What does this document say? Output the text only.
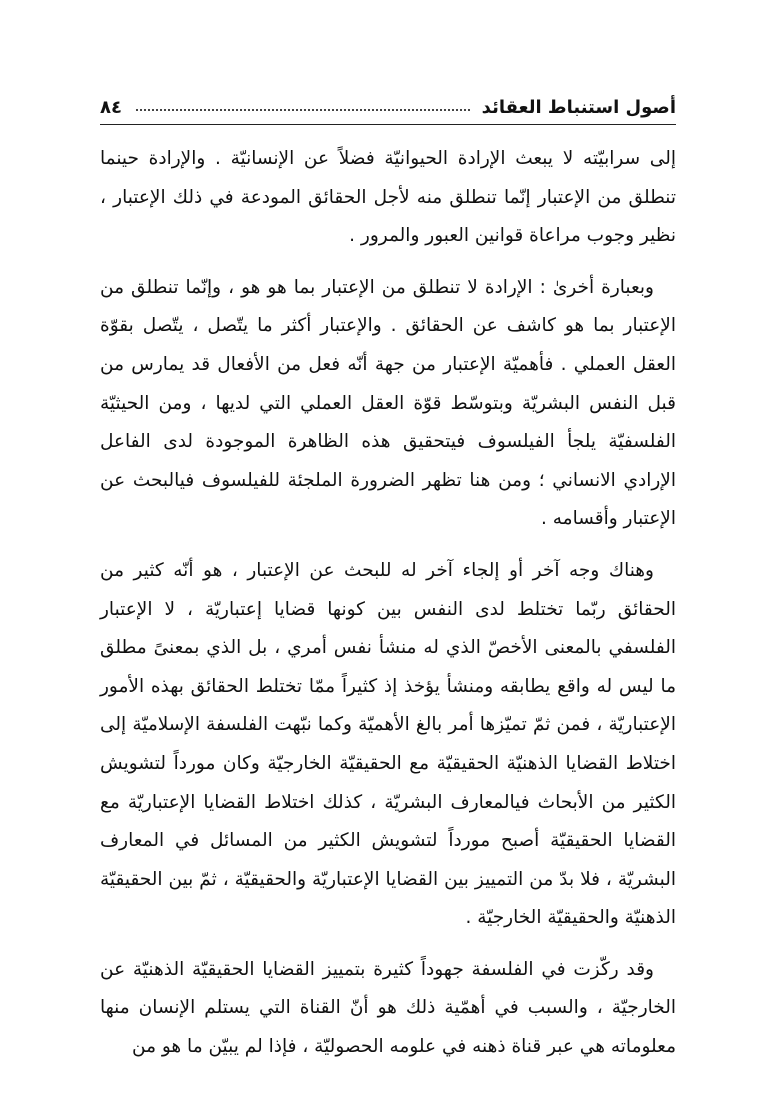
أصول استنباط العقائد
٨٤

إلى سرابيّته لا يبعث الإرادة الحيوانيّة فضلاً عن الإنسانيّة . والإرادة حينما تنطلق من الإعتبار إنّما تنطلق منه لأجل الحقائق المودعة في ذلك الإعتبار ، نظير وجوب مراعاة قوانين العبور والمرور .

وبعبارة أخرىٰ : الإرادة لا تنطلق من الإعتبار بما هو هو ، وإنّما تنطلق من الإعتبار بما هو كاشف عن الحقائق . والإعتبار أكثر ما يتّصل ، يتّصل بقوّة العقل العملي . فأهميّة الإعتبار من جهة أنّه فعل من الأفعال قد يمارس من قبل النفس البشريّة وبتوسّط قوّة العقل العملي التي لديها ، ومن الحيثيّة الفلسفيّة يلجأ الفيلسوف فيتحقيق هذه الظاهرة الموجودة لدى الفاعل الإرادي الانساني ؛ ومن هنا تظهر الضرورة الملجئة للفيلسوف فيالبحث عن الإعتبار وأقسامه .

وهناك وجه آخر أو إلجاء آخر له للبحث عن الإعتبار ، هو أنّه كثير من الحقائق ربّما تختلط لدى النفس بين كونها قضايا إعتباريّة ، لا الإعتبار الفلسفي بالمعنى الأخصّ الذي له منشأ نفس أمري ، بل الذي بمعنىً مطلق ما ليس له واقع يطابقه ومنشأ يؤخذ إذ كثيراً ممّا تختلط الحقائق بهذه الأمور الإعتباريّة ، فمن ثمّ تميّزها أمر بالغ الأهميّة وكما نبّهت الفلسفة الإسلاميّة إلى اختلاط القضايا الذهنيّة الحقيقيّة مع الحقيقيّة الخارجيّة وكان مورداً لتشويش الكثير من الأبحاث فيالمعارف البشريّة ، كذلك اختلاط القضايا الإعتباريّة مع القضايا الحقيقيّة أصبح مورداً لتشويش الكثير من المسائل في المعارف البشريّة ، فلا بدّ من التمييز بين القضايا الإعتباريّة والحقيقيّة ، ثمّ بين الحقيقيّة الذهنيّة والحقيقيّة الخارجيّة .

وقد ركّزت في الفلسفة جهوداً كثيرة بتمييز القضايا الحقيقيّة الذهنيّة عن الخارجيّة ، والسبب في أهمّية ذلك هو أنّ القناة التي يستلم الإنسان منها معلوماته هي عبر قناة ذهنه في علومه الحصوليّة ، فإذا لم يبيّن ما هو من
